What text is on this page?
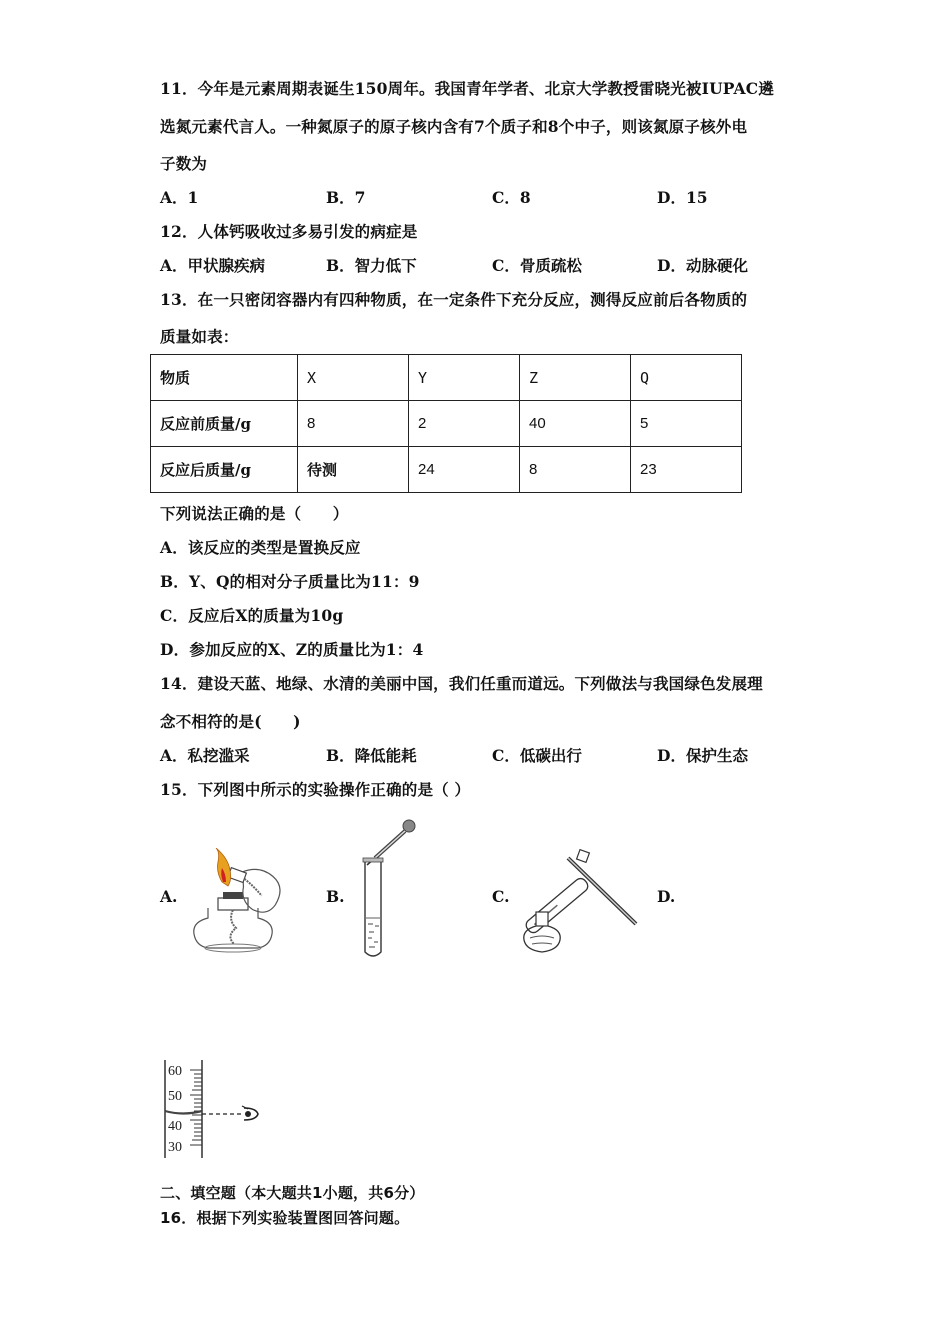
11．今年是元素周期表诞生150周年。我国青年学者、北京大学教授雷晓光被IUPAC遴
选氮元素代言人。一种氮原子的原子核内含有7个质子和8个中子，则该氮原子核外电
子数为
A．1	B．7	C．8	D．15
12．人体钙吸收过多易引发的病症是
A．甲状腺疾病	B．智力低下	C．骨质疏松	D．动脉硬化
13．在一只密闭容器内有四种物质，在一定条件下充分反应，测得反应前后各物质的
质量如表：
物质	X	Y	Z	Q
反应前质量/g	8	2	40	5
反应后质量/g	待测	24	8	23
下列说法正确的是（　　）
A．该反应的类型是置换反应
B．Y、Q的相对分子质量比为11：9
C．反应后X的质量为10g
D．参加反应的X、Z的质量比为1：4
14．建设天蓝、地绿、水清的美丽中国，我们任重而道远。下列做法与我国绿色发展理
念不相符的是(　　)
A．私挖滥采	B．降低能耗	C．低碳出行	D．保护生态
15．下列图中所示的实验操作正确的是（ ）
A.	B.	C.	D.
60
50
40
30
二、填空题（本大题共1小题，共6分）
16．根据下列实验装置图回答问题。
